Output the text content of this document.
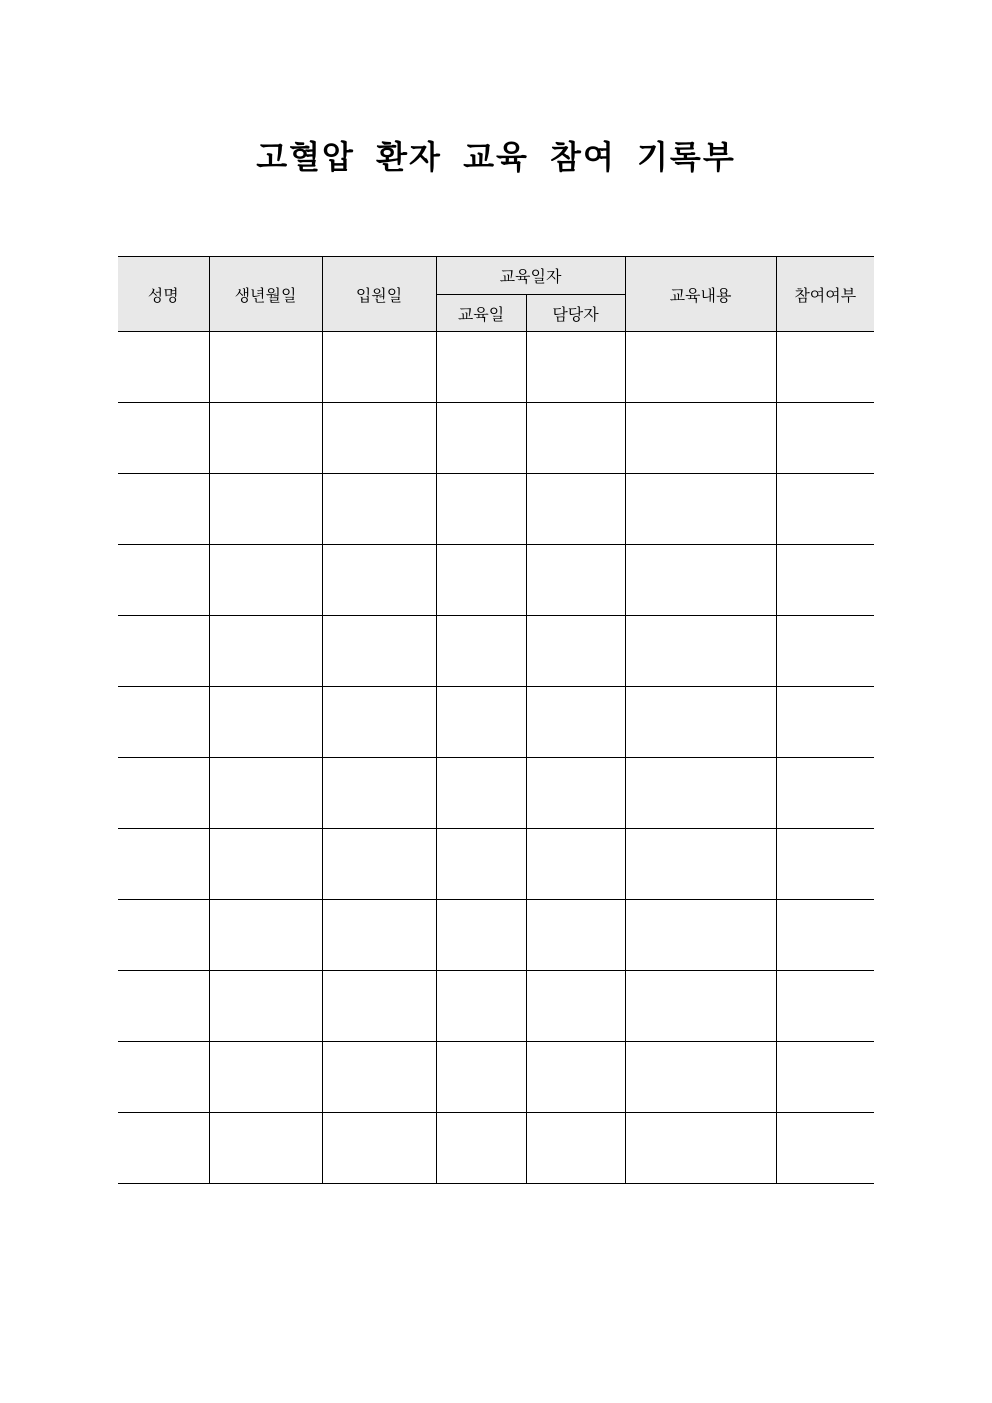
고혈압 환자 교육 참여 기록부
성명	생년월일	입원일	교육일자		교육내용	참여여부
			교육일	담당자		
